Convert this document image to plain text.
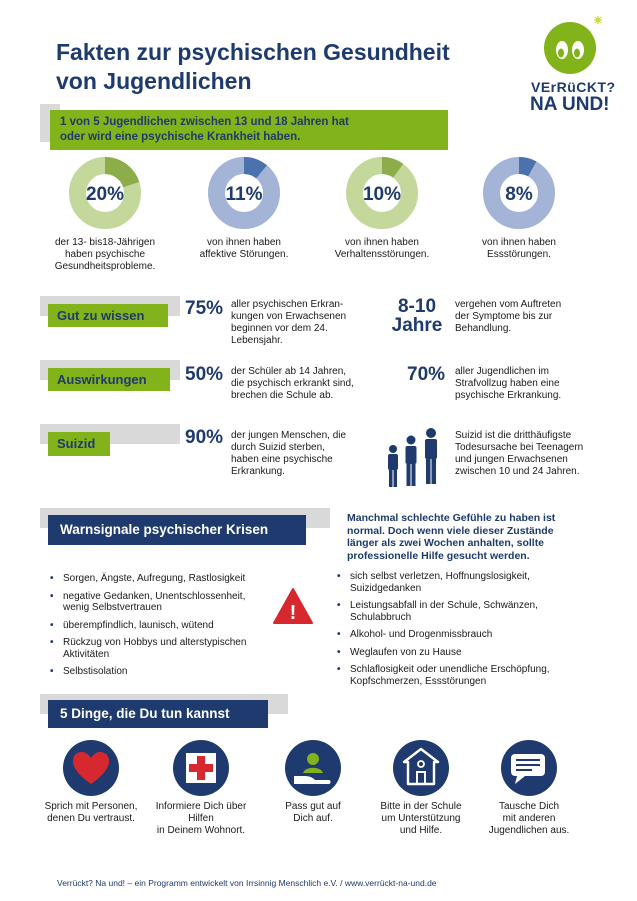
Fakten zur psychischen Gesundheit
von Jugendlichen	VErRüCKT?
NA UND!
1 von 5 Jugendlichen zwischen 13 und 18 Jahren hat
oder wird eine psychische Krankheit haben.
20%
der 13- bis18-Jährigen
haben psychische
Gesundheitsprobleme.
11%
von ihnen haben
affektive Störungen.
10%
von ihnen haben
Verhaltensstörungen.
8%
von ihnen haben
Essstörungen.
Gut zu wissen	75% aller psychischen Erkran-
kungen von Erwachsenen
beginnen vor dem 24.
Lebensjahr.
8-10
Jahre
vergehen vom Auftreten
der Symptome bis zur
Behandlung.
Auswirkungen	50% der Schüler ab 14 Jahren,
die psychisch erkrankt sind,
brechen die Schule ab.
70% aller Jugendlichen im
Strafvollzug haben eine
psychische Erkrankung.
Suizid	90% der jungen Menschen, die
durch Suizid sterben,
haben eine psychische
Erkrankung.
Suizid ist die dritthäufigste
Todesursache bei Teenagern
und jungen Erwachsenen
zwischen 10 und 24 Jahren.
Warnsignale psychischer Krisen
Manchmal schlechte Gefühle zu haben ist
normal. Doch wenn viele dieser Zustände
länger als zwei Wochen anhalten, sollte
professionelle Hilfe gesucht werden.
• Sorgen, Ängste, Aufregung, Rastlosigkeit
• negative Gedanken, Unentschlossenheit,
wenig Selbstvertrauen
• überempfindlich, launisch, wütend
• Rückzug von Hobbys und alterstypischen
Aktivitäten
• Selbstisolation
!
• sich selbst verletzen, Hoffnungslosigkeit,
Suizidgedanken
• Leistungsabfall in der Schule, Schwänzen,
Schulabbruch
• Alkohol- und Drogenmissbrauch
• Weglaufen von zu Hause
• Schlaflosigkeit oder unendliche Erschöpfung,
Kopfschmerzen, Essstörungen
5 Dinge, die Du tun kannst
Sprich mit Personen,
denen Du vertraust.
Informiere Dich über
Hilfen
in Deinem Wohnort.
Pass gut auf
Dich auf.
Bitte in der Schule
um Unterstützung
und Hilfe.
Tausche Dich
mit anderen
Jugendlichen aus.
Verrückt? Na und! – ein Programm entwickelt von Irrsinnig Menschlich e.V. / www.verrückt-na-und.de
